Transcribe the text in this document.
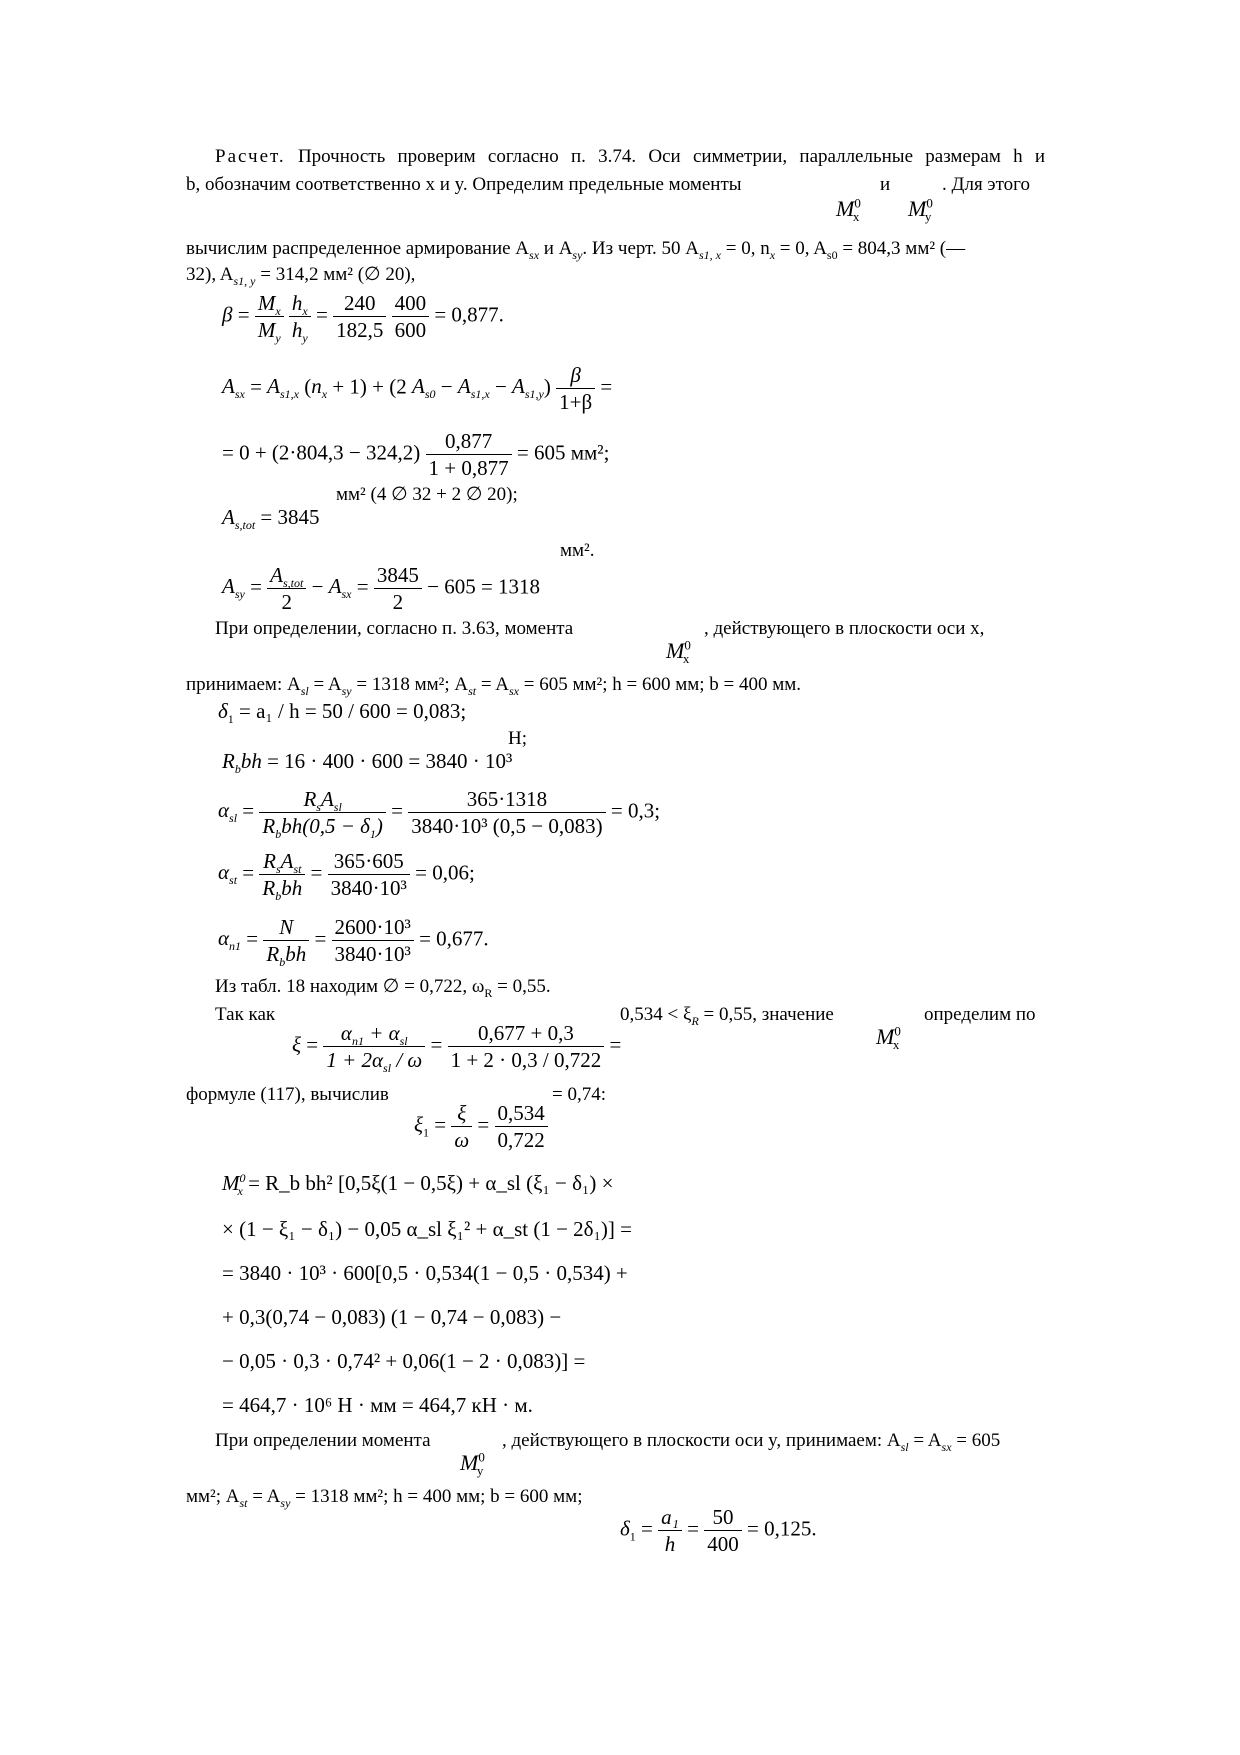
Расчет. Прочность проверим согласно п. 3.74. Оси симметрии, параллельные размерам h и
b, обозначим соответственно x и y. Определим предельные моменты	и	. Для этого
$M^0_x$ $M^0_y$
вычислим распределенное армирование $A_{sx}$ и $A_{sy}$. Из черт. 50 $A_{s1, x} = 0$, $n_x = 0$, $A_{s0} = 804,3$ мм² (—
32), $A_{s1, y} = 314,2$ мм² (∅ 20),
$\beta = \frac{M_x}{M_y}$
$\frac{h_x}{h_y} = \frac{240}{182,5}$
$\frac{400}{600} = 0,877$.
$A_{sx} = A_{s1,x}$ $(n_x + 1) + (2$ $A_{s0} - A_{s1,x} - A_{s1,y}) \frac{\beta}{1+\beta}$ =
= $0 + (2\cdot 804,3 - 324,2) \frac{0,877}{1 + 0,877} = 605$ мм²;
мм² (4 ∅ 32 + 2 ∅ 20);
$A_{s,tot} = 3845$
мм².
$A_{sy} = A_{s,tot}$
2
− $A_{sx} = \frac{3845}{2} - 605 = 1318$
При определении, согласно п. 3.63, момента	, действующего в плоскости оси x,
$M^0_x$
принимаем: $A_{sl} = A_{sy} = 1318$ мм²; $A_{st} = A_{sx} = 605$ мм²; h = 600 мм; b = 400 мм.
$\delta_1 = a_1 / h = 50 / 600 = 0,083$;
Н;
$R_bbh = 16 \cdot 400 \cdot 600 = 3840 \cdot 10^3$
$\alpha_{sl}$ =	$R_sA_{sl}$
$R_bbh(0,5 - \delta_1)$
= $\frac{365\cdot 1318}{\text{3840·10³ (0,5 − 0,083)}} = 0,3$;
$\alpha_{st} = R_sA_{st}$
$R_bbh$
= $\frac{365\cdot 605}{\text{3840·10³}} = 0,06$;
$\alpha_{n1} = N$
$R_bbh$
= $\frac{\text{2600·10³}}{\text{3840·10³}} = 0,677$.
Из табл. 18 находим ∅ = 0,722, $\omega_R = 0,55$.
Так как
$\xi = \alpha_{n1} + \alpha_{sl}$
$1 + 2\alpha_{sl} / \omega$
= $\frac{0,677 + 0,3}{1 + 2 \cdot 0,3 / 0,722}$ =
$0,534 < \xi_R = 0,55$, значение	определим по
$M^0_x$
формуле (117), вычислив	= 0,74:
$\xi_1 = \frac{\xi}{\omega} = \frac{0,534}{0,722}$
$M^0_x$ = R_b bh² [0,5ξ(1 − 0,5ξ) + α_sl (ξ₁ − δ₁) ×
× (1 − ξ₁ − δ₁) − 0,05 α_sl ξ₁² + α_st (1 − 2δ₁)] =
= 3840 · 10³ · 600[0,5 · 0,534(1 − 0,5 · 0,534) +
+ 0,3(0,74 − 0,083) (1 − 0,74 − 0,083) −
− 0,05 · 0,3 · 0,74² + 0,06(1 − 2 · 0,083)] =
= 464,7 · 10⁶ Н · мм = 464,7 кН · м.
При определении момента	, действующего в плоскости оси y, принимаем: $A_{sl} = A_{sx} = 605$
$M^0_y$
мм²; $A_{st} = A_{sy} = 1318$ мм²; h = 400 мм; b = 600 мм;
$\delta_1 = \frac{\text{a₁}}{h} = \frac{50}{400} = 0,125$.
